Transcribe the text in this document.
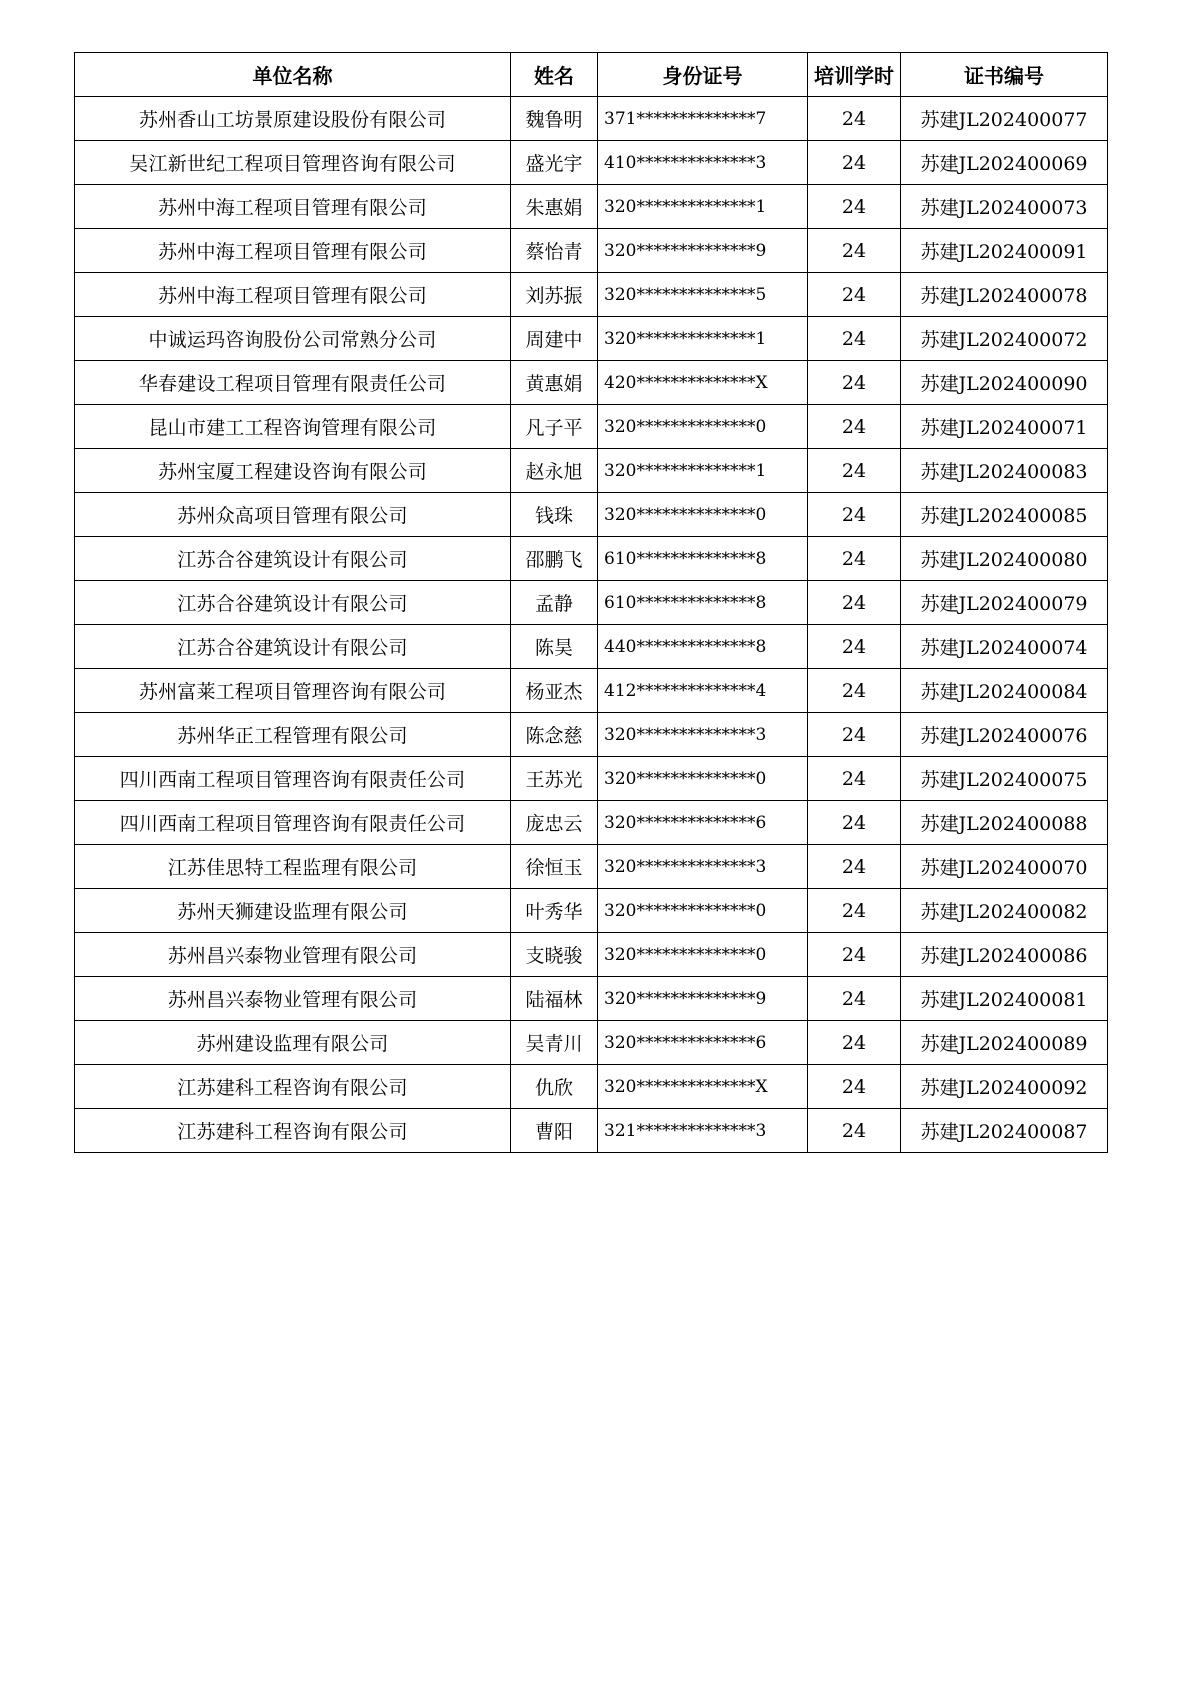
单位名称	姓名	身份证号	培训学时	证书编号
苏州香山工坊景原建设股份有限公司	魏鲁明	371**************7	24	苏建JL202400077
吴江新世纪工程项目管理咨询有限公司	盛光宇	410**************3	24	苏建JL202400069
苏州中海工程项目管理有限公司	朱惠娟	320**************1	24	苏建JL202400073
苏州中海工程项目管理有限公司	蔡怡青	320**************9	24	苏建JL202400091
苏州中海工程项目管理有限公司	刘苏振	320**************5	24	苏建JL202400078
中诚运玛咨询股份公司常熟分公司	周建中	320**************1	24	苏建JL202400072
华春建设工程项目管理有限责任公司	黄惠娟	420**************X	24	苏建JL202400090
昆山市建工工程咨询管理有限公司	凡子平	320**************0	24	苏建JL202400071
苏州宝厦工程建设咨询有限公司	赵永旭	320**************1	24	苏建JL202400083
苏州众高项目管理有限公司	钱珠	320**************0	24	苏建JL202400085
江苏合谷建筑设计有限公司	邵鹏飞	610**************8	24	苏建JL202400080
江苏合谷建筑设计有限公司	孟静	610**************8	24	苏建JL202400079
江苏合谷建筑设计有限公司	陈昊	440**************8	24	苏建JL202400074
苏州富莱工程项目管理咨询有限公司	杨亚杰	412**************4	24	苏建JL202400084
苏州华正工程管理有限公司	陈念慈	320**************3	24	苏建JL202400076
四川西南工程项目管理咨询有限责任公司	王苏光	320**************0	24	苏建JL202400075
四川西南工程项目管理咨询有限责任公司	庞忠云	320**************6	24	苏建JL202400088
江苏佳思特工程监理有限公司	徐恒玉	320**************3	24	苏建JL202400070
苏州天狮建设监理有限公司	叶秀华	320**************0	24	苏建JL202400082
苏州昌兴泰物业管理有限公司	支晓骏	320**************0	24	苏建JL202400086
苏州昌兴泰物业管理有限公司	陆福林	320**************9	24	苏建JL202400081
苏州建设监理有限公司	吴青川	320**************6	24	苏建JL202400089
江苏建科工程咨询有限公司	仇欣	320**************X	24	苏建JL202400092
江苏建科工程咨询有限公司	曹阳	321**************3	24	苏建JL202400087
